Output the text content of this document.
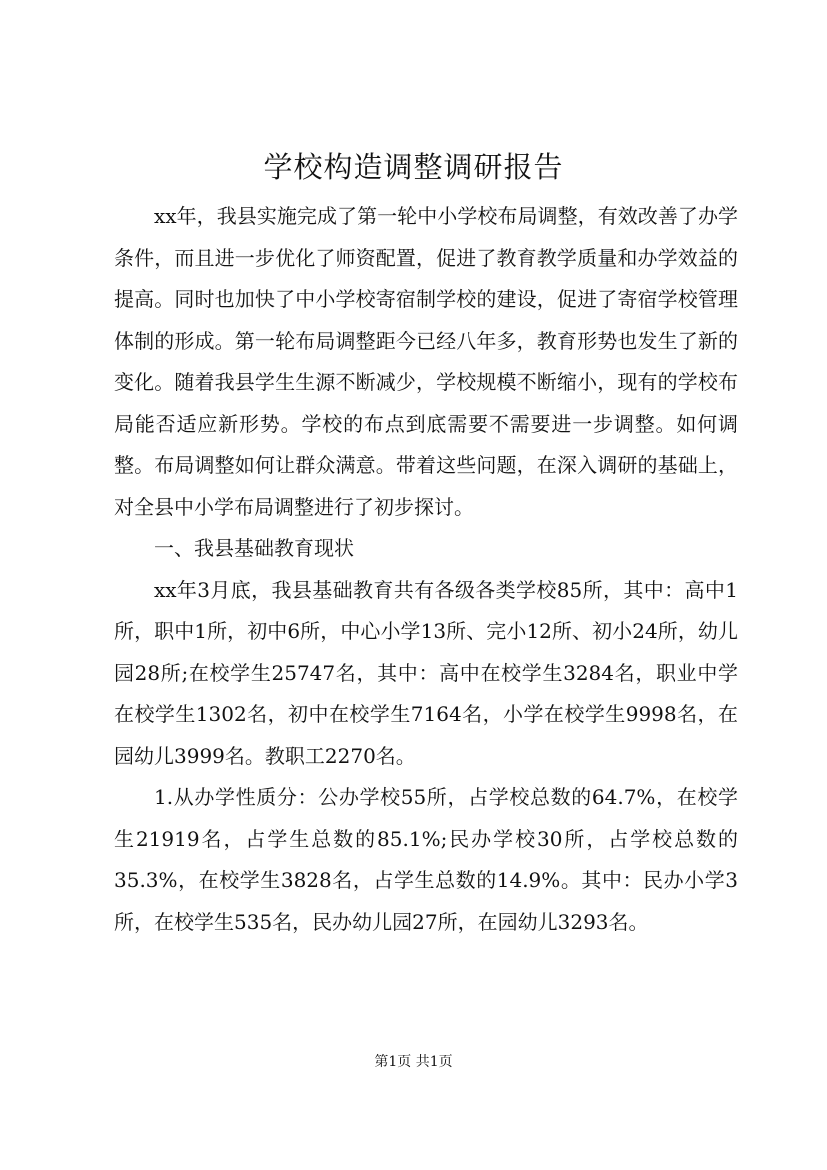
学校构造调整调研报告

xx年，我县实施完成了第一轮中小学校布局调整，有效改善了办学条件，而且进一步优化了师资配置，促进了教育教学质量和办学效益的提高。同时也加快了中小学校寄宿制学校的建设，促进了寄宿学校管理体制的形成。第一轮布局调整距今已经八年多，教育形势也发生了新的变化。随着我县学生生源不断减少，学校规模不断缩小，现有的学校布局能否适应新形势。学校的布点到底需要不需要进一步调整。如何调整。布局调整如何让群众满意。带着这些问题，在深入调研的基础上，对全县中小学布局调整进行了初步探讨。

一、我县基础教育现状

xx年3月底，我县基础教育共有各级各类学校85所，其中：高中1所，职中1所，初中6所，中心小学13所、完小12所、初小24所，幼儿园28所;在校学生25747名，其中：高中在校学生3284名，职业中学在校学生1302名，初中在校学生7164名，小学在校学生9998名，在园幼儿3999名。教职工2270名。

1.从办学性质分：公办学校55所，占学校总数的64.7%，在校学生21919名，占学生总数的85.1%;民办学校30所，占学校总数的35.3%，在校学生3828名，占学生总数的14.9%。其中：民办小学3所，在校学生535名，民办幼儿园27所，在园幼儿3293名。

第1页 共1页
